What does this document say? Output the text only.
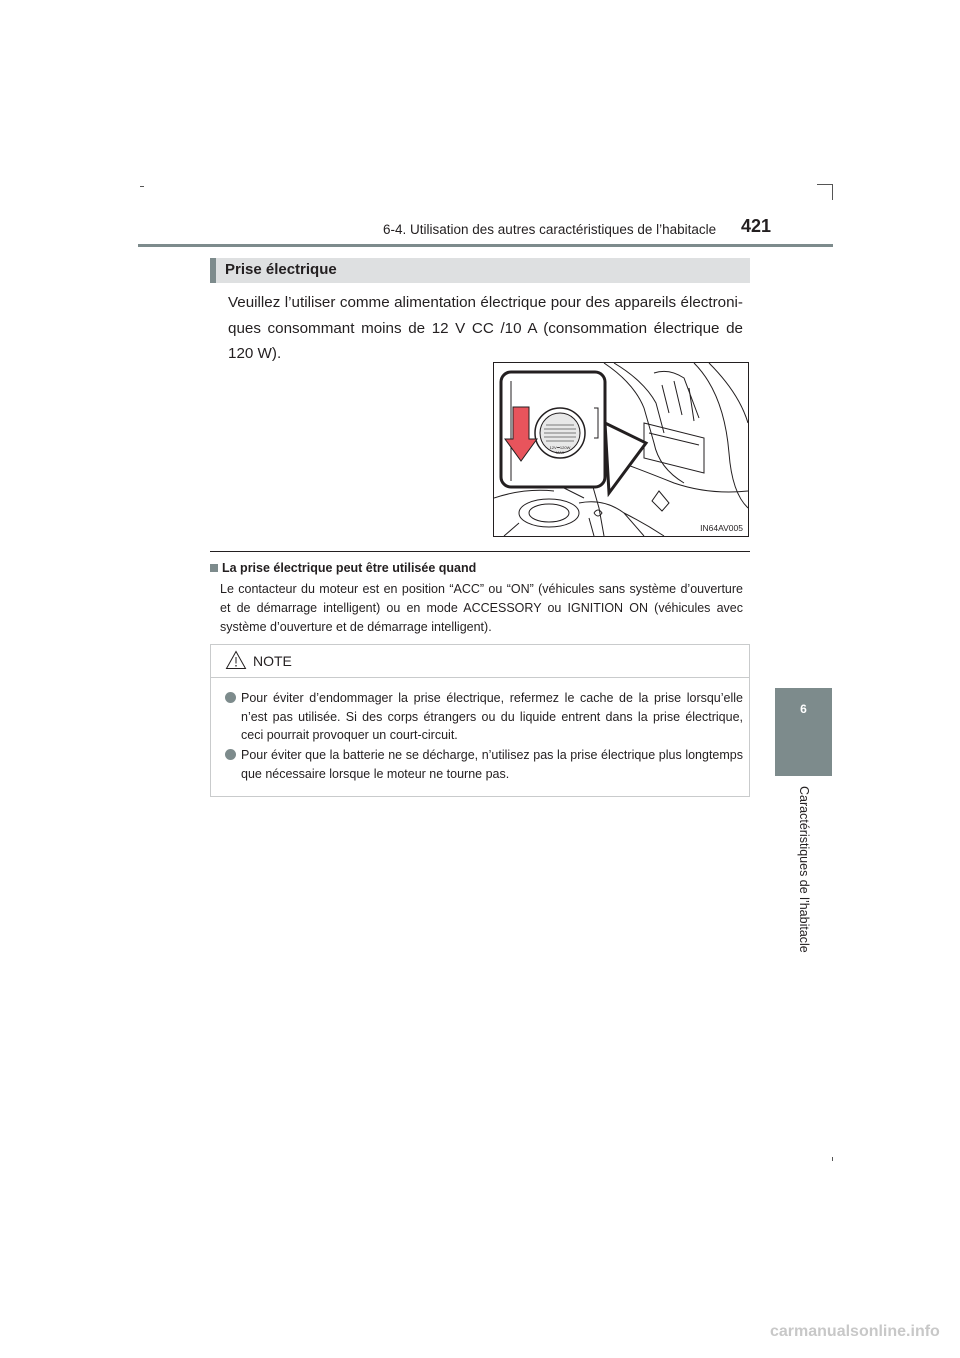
6-4. Utilisation des autres caractéristiques de l’habitacle 421
6
Caractéristiques de l’habitacle
Prise électrique
Veuillez l’utiliser comme alimentation électrique pour des appareils électroni-ques consommant moins de 12 V CC /10 A (consommation électrique de 120 W).
12V⎓120W
MAX
IN64AV005
La prise électrique peut être utilisée quand
Le contacteur du moteur est en position “ACC” ou “ON” (véhicules sans système d’ouverture et de démarrage intelligent) ou en mode ACCESSORY ou IGNITION ON (véhicules avec système d’ouverture et de démarrage intelligent).
NOTE
Pour éviter d’endommager la prise électrique, refermez le cache de la prise lorsqu’elle n’est pas utilisée. Si des corps étrangers ou du liquide entrent dans la prise électrique, ceci pourrait provoquer un court-circuit.
Pour éviter que la batterie ne se décharge, n’utilisez pas la prise électrique plus longtemps que nécessaire lorsque le moteur ne tourne pas.
carmanualsonline.info
